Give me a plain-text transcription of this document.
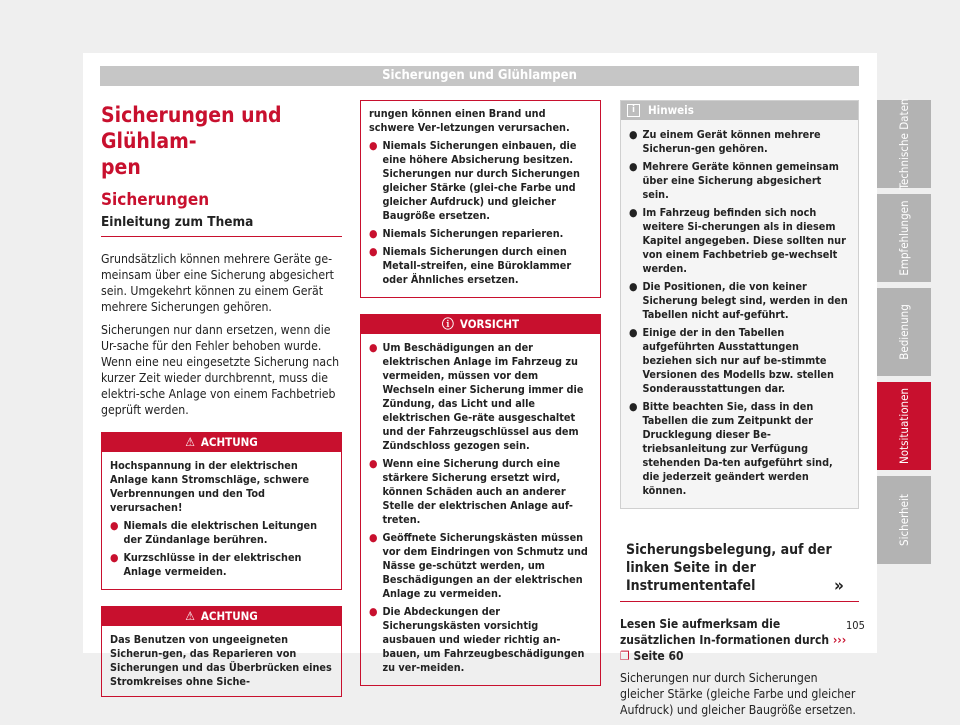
Sicherungen und Glühlampen
Sicherungen und Glühlam-
pen
Sicherungen
Einleitung zum Thema

Grundsätzlich können mehrere Geräte ge-meinsam über eine Sicherung abgesichert sein. Umgekehrt können zu einem Gerät mehrere Sicherungen gehören.

Sicherungen nur dann ersetzen, wenn die Ur-sache für den Fehler behoben wurde. Wenn eine neu eingesetzte Sicherung nach kurzer Zeit wieder durchbrennt, muss die elektri-sche Anlage von einem Fachbetrieb geprüft werden.

⚠ ACHTUNG

Hochspannung in der elektrischen Anlage kann Stromschläge, schwere Verbrennungen und den Tod verursachen!

● Niemals die elektrischen Leitungen der Zündanlage berühren.
● Kurzschlüsse in der elektrischen Anlage vermeiden.
⚠ ACHTUNG

Das Benutzen von ungeeigneten Sicherun-gen, das Reparieren von Sicherungen und das Überbrücken eines Stromkreises ohne Siche-

rungen können einen Brand und schwere Ver-letzungen verursachen.

● Niemals Sicherungen einbauen, die eine höhere Absicherung besitzen. Sicherungen nur durch Sicherungen gleicher Stärke (glei-che Farbe und gleicher Aufdruck) und gleicher Baugröße ersetzen.
● Niemals Sicherungen reparieren.
● Niemals Sicherungen durch einen Metall-streifen, eine Büroklammer oder Ähnliches ersetzen.
ⓘ VORSICHT
● Um Beschädigungen an der elektrischen Anlage im Fahrzeug zu vermeiden, müssen vor dem Wechseln einer Sicherung immer die Zündung, das Licht und alle elektrischen Ge-räte ausgeschaltet und der Fahrzeugschlüssel aus dem Zündschloss gezogen sein.
● Wenn eine Sicherung durch eine stärkere Sicherung ersetzt wird, können Schäden auch an anderer Stelle der elektrischen Anlage auf-treten.
● Geöffnete Sicherungskästen müssen vor dem Eindringen von Schmutz und Nässe ge-schützt werden, um Beschädigungen an der elektrischen Anlage zu vermeiden.
● Die Abdeckungen der Sicherungskästen vorsichtig ausbauen und wieder richtig an-bauen, um Fahrzeugbeschädigungen zu ver-meiden.
i	Hinweis
● Zu einem Gerät können mehrere Sicherun-gen gehören.
● Mehrere Geräte können gemeinsam über eine Sicherung abgesichert sein.
● Im Fahrzeug befinden sich noch weitere Si-cherungen als in diesem Kapitel angegeben. Diese sollten nur von einem Fachbetrieb ge-wechselt werden.
● Die Positionen, die von keiner Sicherung belegt sind, werden in den Tabellen nicht auf-geführt.
● Einige der in den Tabellen aufgeführten Ausstattungen beziehen sich nur auf be-stimmte Versionen des Modells bzw. stellen Sonderausstattungen dar.
● Bitte beachten Sie, dass in den Tabellen die zum Zeitpunkt der Drucklegung dieser Be-triebsanleitung zur Verfügung stehenden Da-ten aufgeführt sind, die jederzeit geändert werden können.
Sicherungsbelegung, auf der linken Seite in der Instrumententafel

Lesen Sie aufmerksam die zusätzlichen In-formationen durch ››› ❐ Seite 60

Sicherungen nur durch Sicherungen gleicher Stärke (gleiche Farbe und gleicher Aufdruck) und gleicher Baugröße ersetzen.

»
Technische Daten
Empfehlungen
Bedienung
Notsituationen
Sicherheit
105
